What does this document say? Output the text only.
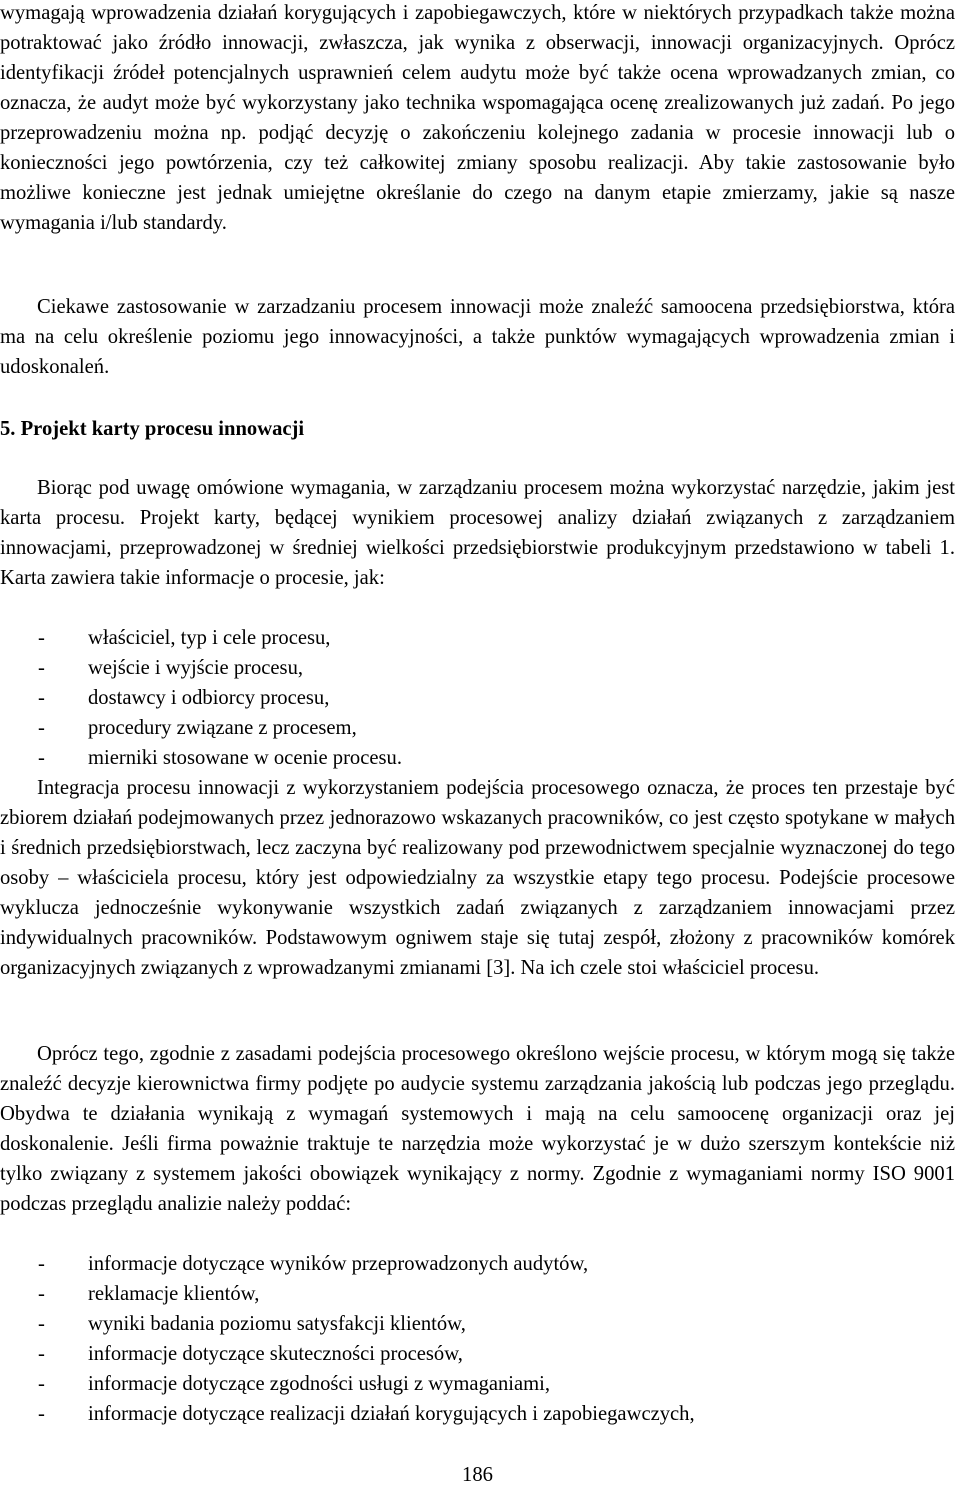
wymagają wprowadzenia działań korygujących i zapobiegawczych, które w niektórych przypadkach także można potraktować jako źródło innowacji, zwłaszcza, jak wynika z obserwacji, innowacji organizacyjnych. Oprócz identyfikacji źródeł potencjalnych usprawnień celem audytu może być także ocena wprowadzanych zmian, co oznacza, że audyt może być wykorzystany jako technika wspomagająca ocenę zrealizowanych już zadań. Po jego przeprowadzeniu można np. podjąć decyzję o zakończeniu kolejnego zadania w procesie innowacji lub o konieczności jego powtórzenia, czy też całkowitej zmiany sposobu realizacji. Aby takie zastosowanie było możliwe konieczne jest jednak umiejętne określanie do czego na danym etapie zmierzamy, jakie są nasze wymagania i/lub standardy.

Ciekawe zastosowanie w zarzadzaniu procesem innowacji może znaleźć samoocena przedsiębiorstwa, która ma na celu określenie poziomu jego innowacyjności, a także punktów wymagających wprowadzenia zmian i udoskonaleń.

5. Projekt karty procesu innowacji

Biorąc pod uwagę omówione wymagania, w zarządzaniu procesem można wykorzystać narzędzie, jakim jest karta procesu. Projekt karty, będącej wynikiem procesowej analizy działań związanych z zarządzaniem innowacjami, przeprowadzonej w średniej wielkości przedsiębiorstwie produkcyjnym przedstawiono w tabeli 1. Karta zawiera takie informacje o procesie, jak:

- właściciel, typ i cele procesu,
- wejście i wyjście procesu,
- dostawcy i odbiorcy procesu,
- procedury związane z procesem,
- mierniki stosowane w ocenie procesu.

Integracja procesu innowacji z wykorzystaniem podejścia procesowego oznacza, że proces ten przestaje być zbiorem działań podejmowanych przez jednorazowo wskazanych pracowników, co jest często spotykane w małych i średnich przedsiębiorstwach, lecz zaczyna być realizowany pod przewodnictwem specjalnie wyznaczonej do tego osoby – właściciela procesu, który jest odpowiedzialny za wszystkie etapy tego procesu. Podejście procesowe wyklucza jednocześnie wykonywanie wszystkich zadań związanych z zarządzaniem innowacjami przez indywidualnych pracowników. Podstawowym ogniwem staje się tutaj zespół, złożony z pracowników komórek organizacyjnych związanych z wprowadzanymi zmianami [3]. Na ich czele stoi właściciel procesu.

Oprócz tego, zgodnie z zasadami podejścia procesowego określono wejście procesu, w którym mogą się także znaleźć decyzje kierownictwa firmy podjęte po audycie systemu zarządzania jakością lub podczas jego przeglądu. Obydwa te działania wynikają z wymagań systemowych i mają na celu samoocenę organizacji oraz jej doskonalenie. Jeśli firma poważnie traktuje te narzędzia może wykorzystać je w dużo szerszym kontekście niż tylko związany z systemem jakości obowiązek wynikający z normy. Zgodnie z wymaganiami normy ISO 9001 podczas przeglądu analizie należy poddać:

- informacje dotyczące wyników przeprowadzonych audytów,
- reklamacje klientów,
- wyniki badania poziomu satysfakcji klientów,
- informacje dotyczące skuteczności procesów,
- informacje dotyczące zgodności usługi z wymaganiami,
- informacje dotyczące realizacji działań korygujących i zapobiegawczych,
186
